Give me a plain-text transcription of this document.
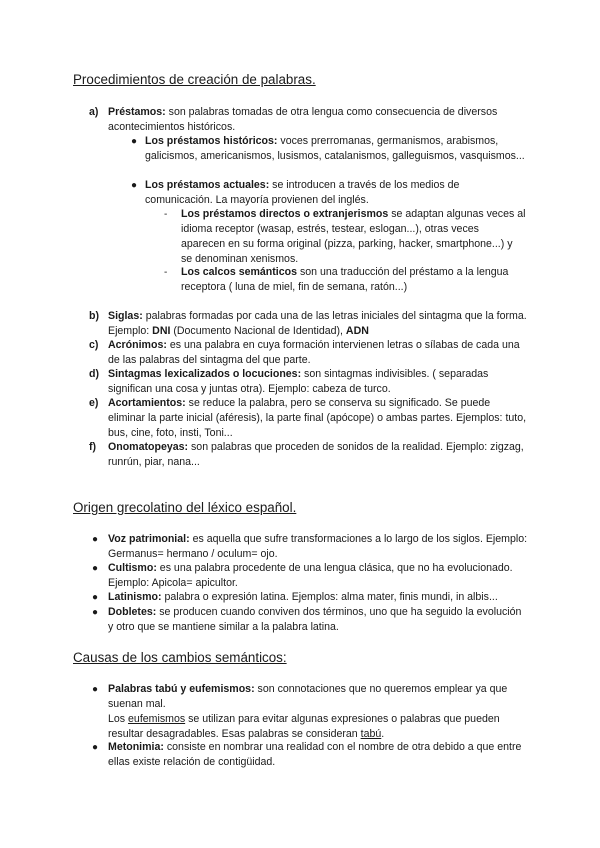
Procedimientos de creación de palabras.
a) Préstamos: son palabras tomadas de otra lengua como consecuencia de diversos acontecimientos históricos.
● Los préstamos históricos: voces prerromanas, germanismos, arabismos, galicismos, americanismos, lusismos, catalanismos, galleguismos, vasquismos...
● Los préstamos actuales: se introducen a través de los medios de comunicación. La mayoría provienen del inglés.
- Los préstamos directos o extranjerismos se adaptan algunas veces al idioma receptor (wasap, estrés, testear, eslogan...), otras veces aparecen en su forma original (pizza, parking, hacker, smartphone...) y se denominan xenismos.
- Los calcos semánticos son una traducción del préstamo a la lengua receptora ( luna de miel, fin de semana, ratón...)
b) Siglas: palabras formadas por cada una de las letras iniciales del sintagma que la forma. Ejemplo: DNI (Documento Nacional de Identidad), ADN
c) Acrónimos: es una palabra en cuya formación intervienen letras o sílabas de cada una de las palabras del sintagma del que parte.
d) Sintagmas lexicalizados o locuciones: son sintagmas indivisibles. ( separadas significan una cosa y juntas otra). Ejemplo: cabeza de turco.
e) Acortamientos: se reduce la palabra, pero se conserva su significado. Se puede eliminar la parte inicial (aféresis), la parte final (apócope) o ambas partes. Ejemplos: tuto, bus, cine, foto, insti, Toni...
f) Onomatopeyas: son palabras que proceden de sonidos de la realidad. Ejemplo: zigzag, runrún, piar, nana...
Origen grecolatino del léxico español.
● Voz patrimonial: es aquella que sufre transformaciones a lo largo de los siglos. Ejemplo: Germanus= hermano / oculum= ojo.
● Cultismo: es una palabra procedente de una lengua clásica, que no ha evolucionado. Ejemplo: Apicola= apicultor.
● Latinismo: palabra o expresión latina. Ejemplos: alma mater, finis mundi, in albis...
● Dobletes: se producen cuando conviven dos términos, uno que ha seguido la evolución y otro que se mantiene similar a la palabra latina.
Causas de los cambios semánticos:
● Palabras tabú y eufemismos: son connotaciones que no queremos emplear ya que suenan mal.
Los eufemismos se utilizan para evitar algunas expresiones o palabras que pueden resultar desagradables. Esas palabras se consideran tabú.
● Metonimia: consiste en nombrar una realidad con el nombre de otra debido a que entre ellas existe relación de contigüidad.
